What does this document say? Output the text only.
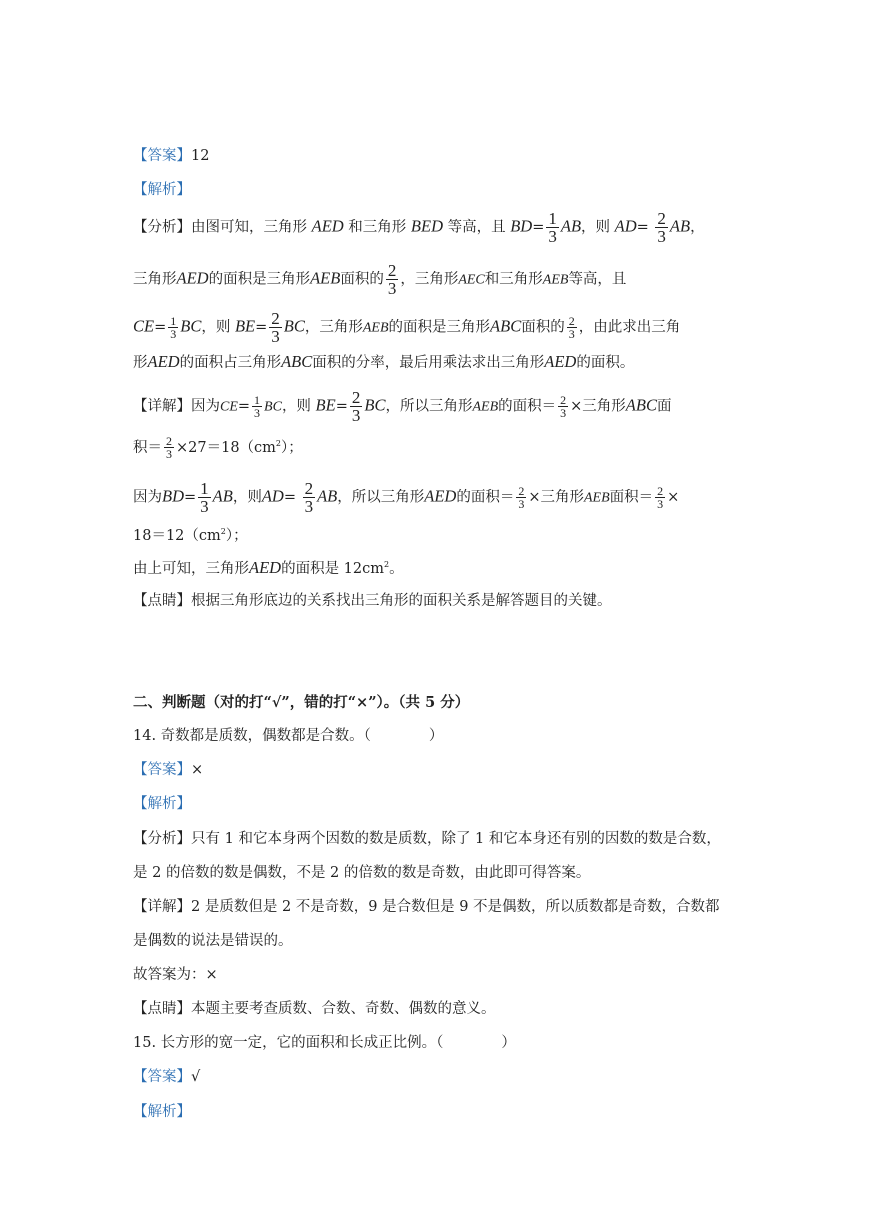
【答案】12
【解析】
【分析】由图可知，三角形 AED 和三角形 BED 等高，且 $BD= \frac{1}{3}$ AB，则 $AD= \frac{2}{3}$ AB，
三角形AED的面积是三角形AEB面积的 $\frac{2}{3}$ ，三角形AEC和三角形AEB等高，且
$CE= \frac{1}{3}$ BC，则 $BE= \frac{2}{3}$ BC，三角形AEB的面积是三角形ABC面积的 $\frac{2}{3}$ ，由此求出三角
形AED的面积占三角形ABC面积的分率，最后用乘法求出三角形AED的面积。
【详解】因为$CE= \frac{1}{3}$ BC，则 $BE= \frac{2}{3}$ BC，所以三角形AEB的面积＝ $\frac{2}{3}$ ×三角形ABC面
积＝ $\frac{2}{3} \times 27=18(cm^2)$；
因为$BD= \frac{1}{3}$ AB，则$AD= \frac{2}{3}$ AB，所以三角形AED的面积＝ $\frac{2}{3}$ ×三角形AEB面积＝ $\frac{2}{3}$ ×
$18=12(cm^2)$；
由上可知，三角形AED的面积是 $12cm^2$。
【点睛】根据三角形底边的关系找出三角形的面积关系是解答题目的关键。
二、判断题（对的打“√”，错的打“×”）。（共 5 分）
14. 奇数都是质数，偶数都是合数。（	）
【答案】×
【解析】
【分析】只有 1 和它本身两个因数的数是质数，除了 1 和它本身还有别的因数的数是合数，
是 2 的倍数的数是偶数，不是 2 的倍数的数是奇数，由此即可得答案。
【详解】2 是质数但是 2 不是奇数，9 是合数但是 9 不是偶数，所以质数都是奇数，合数都
是偶数的说法是错误的。
故答案为：×
【点睛】本题主要考查质数、合数、奇数、偶数的意义。
15. 长方形的宽一定，它的面积和长成正比例。（	）
【答案】√
【解析】
